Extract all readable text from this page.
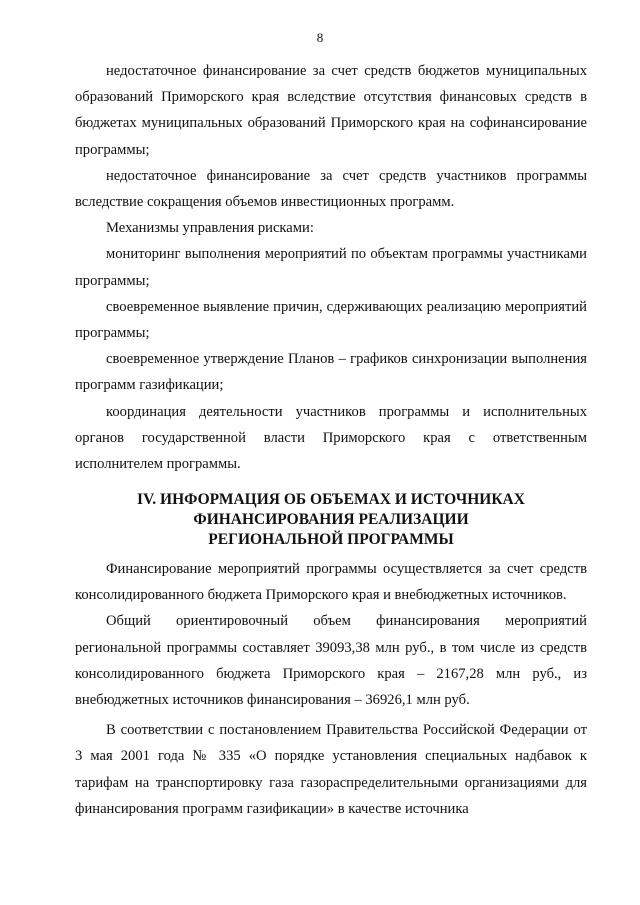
8

недостаточное финансирование за счет средств бюджетов муниципальных образований Приморского края вследствие отсутствия финансовых средств в бюджетах муниципальных образований Приморского края на софинансирование программы;

недостаточное финансирование за счет средств участников программы вследствие сокращения объемов инвестиционных программ.

Механизмы управления рисками:

мониторинг выполнения мероприятий по объектам программы участниками программы;

своевременное выявление причин, сдерживающих реализацию мероприятий программы;

своевременное утверждение Планов – графиков синхронизации выполнения программ газификации;

координация деятельности участников программы и исполнительных органов государственной власти Приморского края с ответственным исполнителем программы.

IV. ИНФОРМАЦИЯ ОБ ОБЪЕМАХ И ИСТОЧНИКАХ
ФИНАНСИРОВАНИЯ РЕАЛИЗАЦИИ
РЕГИОНАЛЬНОЙ ПРОГРАММЫ

Финансирование мероприятий программы осуществляется за счет средств консолидированного бюджета Приморского края и внебюджетных источников.

Общий ориентировочный объем финансирования мероприятий региональной программы составляет 39093,38 млн руб., в том числе из средств консолидированного бюджета Приморского края – 2167,28 млн руб., из внебюджетных источников финансирования – 36926,1 млн руб.

В соответствии с постановлением Правительства Российской Федерации от 3 мая 2001 года № 335 «О порядке установления специальных надбавок к тарифам на транспортировку газа газораспределительными организациями для финансирования программ газификации» в качестве источника
